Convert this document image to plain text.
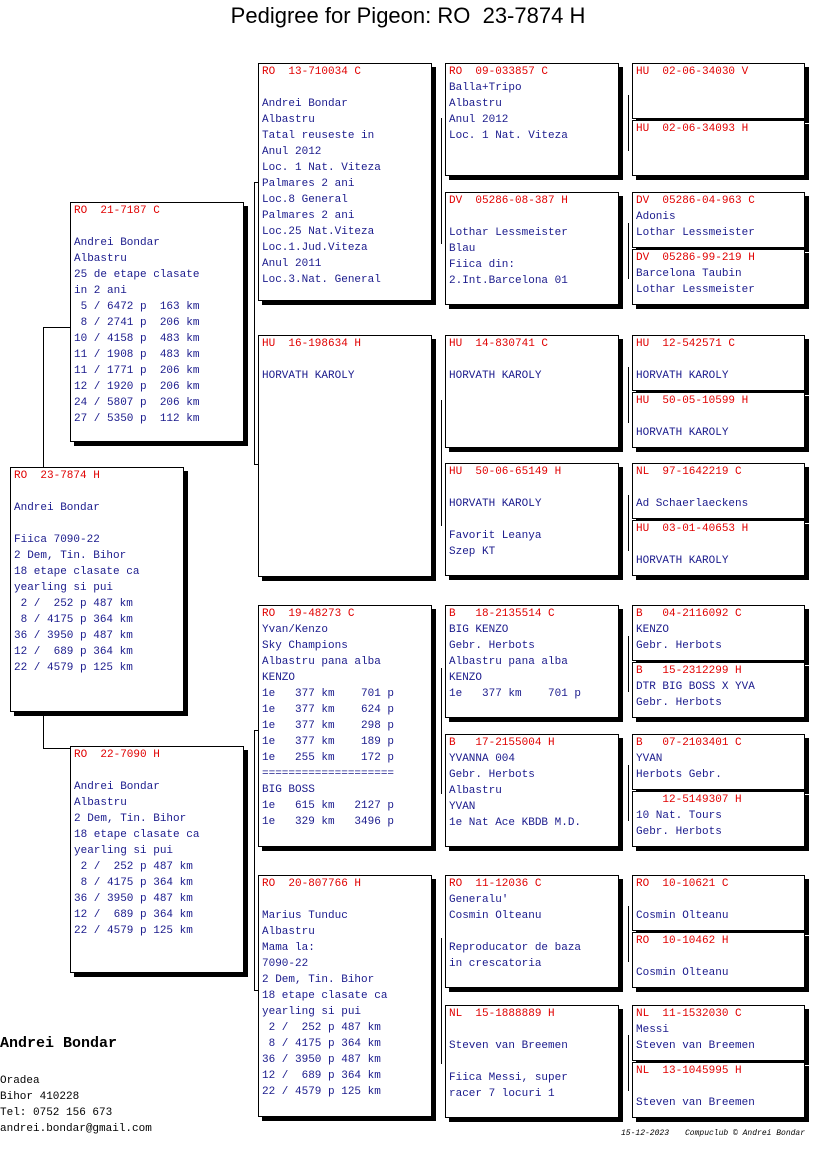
Pedigree for Pigeon: RO  23-7874 H
RO  23-7874 H
Andrei Bondar
Fiica 7090-22
2 Dem, Tin. Bihor
18 etape clasate ca
yearling si pui
2 /  252 p 487 km
8 / 4175 p 364 km
36 / 3950 p 487 km
12 /  689 p 364 km
22 / 4579 p 125 km
RO  21-7187 C
Andrei Bondar
Albastru
25 de etape clasate
in 2 ani
5 / 6472 p  163 km
8 / 2741 p  206 km
10 / 4158 p  483 km
11 / 1908 p  483 km
11 / 1771 p  206 km
12 / 1920 p  206 km
24 / 5807 p  206 km
27 / 5350 p  112 km
RO  22-7090 H
Andrei Bondar
Albastru
2 Dem, Tin. Bihor
18 etape clasate ca
yearling si pui
2 /  252 p 487 km
8 / 4175 p 364 km
36 / 3950 p 487 km
12 /  689 p 364 km
22 / 4579 p 125 km
RO  13-710034 C
Andrei Bondar
Albastru
Tatal reuseste in
Anul 2012
Loc. 1 Nat. Viteza
Palmares 2 ani
Loc.8 General
Palmares 2 ani
Loc.25 Nat.Viteza
Loc.1.Jud.Viteza
Anul 2011
Loc.3.Nat. General
HU  16-198634 H
HORVATH KAROLY
RO  19-48273 C
Yvan/Kenzo
Sky Champions
Albastru pana alba
KENZO
1e   377 km    701 p
1e   377 km    624 p
1e   377 km    298 p
1e   377 km    189 p
1e   255 km    172 p
====================
BIG BOSS
1e   615 km   2127 p
1e   329 km   3496 p
RO  20-807766 H
Marius Tunduc
Albastru
Mama la:
7090-22
2 Dem, Tin. Bihor
18 etape clasate ca
yearling si pui
2 /  252 p 487 km
8 / 4175 p 364 km
36 / 3950 p 487 km
12 /  689 p 364 km
22 / 4579 p 125 km
RO  09-033857 C
Balla+Tripo
Albastru
Anul 2012
Loc. 1 Nat. Viteza
DV  05286-08-387 H
Lothar Lessmeister
Blau
Fiica din:
2.Int.Barcelona 01
HU  14-830741 C
HORVATH KAROLY
HU  50-06-65149 H
HORVATH KAROLY
Favorit Leanya
Szep KT
B   18-2135514 C
BIG KENZO
Gebr. Herbots
Albastru pana alba
KENZO
1e   377 km    701 p
B   17-2155004 H
YVANNA 004
Gebr. Herbots
Albastru
YVAN
1e Nat Ace KBDB M.D.
RO  11-12036 C
Generalu'
Cosmin Olteanu
Reproducator de baza
in crescatoria
NL  15-1888889 H
Steven van Breemen
Fiica Messi, super
racer 7 locuri 1
HU  02-06-34030 V
HU  02-06-34093 H
DV  05286-04-963 C
Adonis
Lothar Lessmeister
DV  05286-99-219 H
Barcelona Taubin
Lothar Lessmeister
HU  12-542571 C
HORVATH KAROLY
HU  50-05-10599 H
HORVATH KAROLY
NL  97-1642219 C
Ad Schaerlaeckens
HU  03-01-40653 H
HORVATH KAROLY
B   04-2116092 C
KENZO
Gebr. Herbots
B   15-2312299 H
DTR BIG BOSS X YVA
Gebr. Herbots
B   07-2103401 C
YVAN
Herbots Gebr.
12-5149307 H
10 Nat. Tours
Gebr. Herbots
RO  10-10621 C
Cosmin Olteanu
RO  10-10462 H
Cosmin Olteanu
NL  11-1532030 C
Messi
Steven van Breemen
NL  13-1045995 H
Steven van Breemen
Andrei Bondar
Oradea
Bihor 410228
Tel: 0752 156 673
andrei.bondar@gmail.com	15-12-2023 Compuclub © Andrei Bondar
